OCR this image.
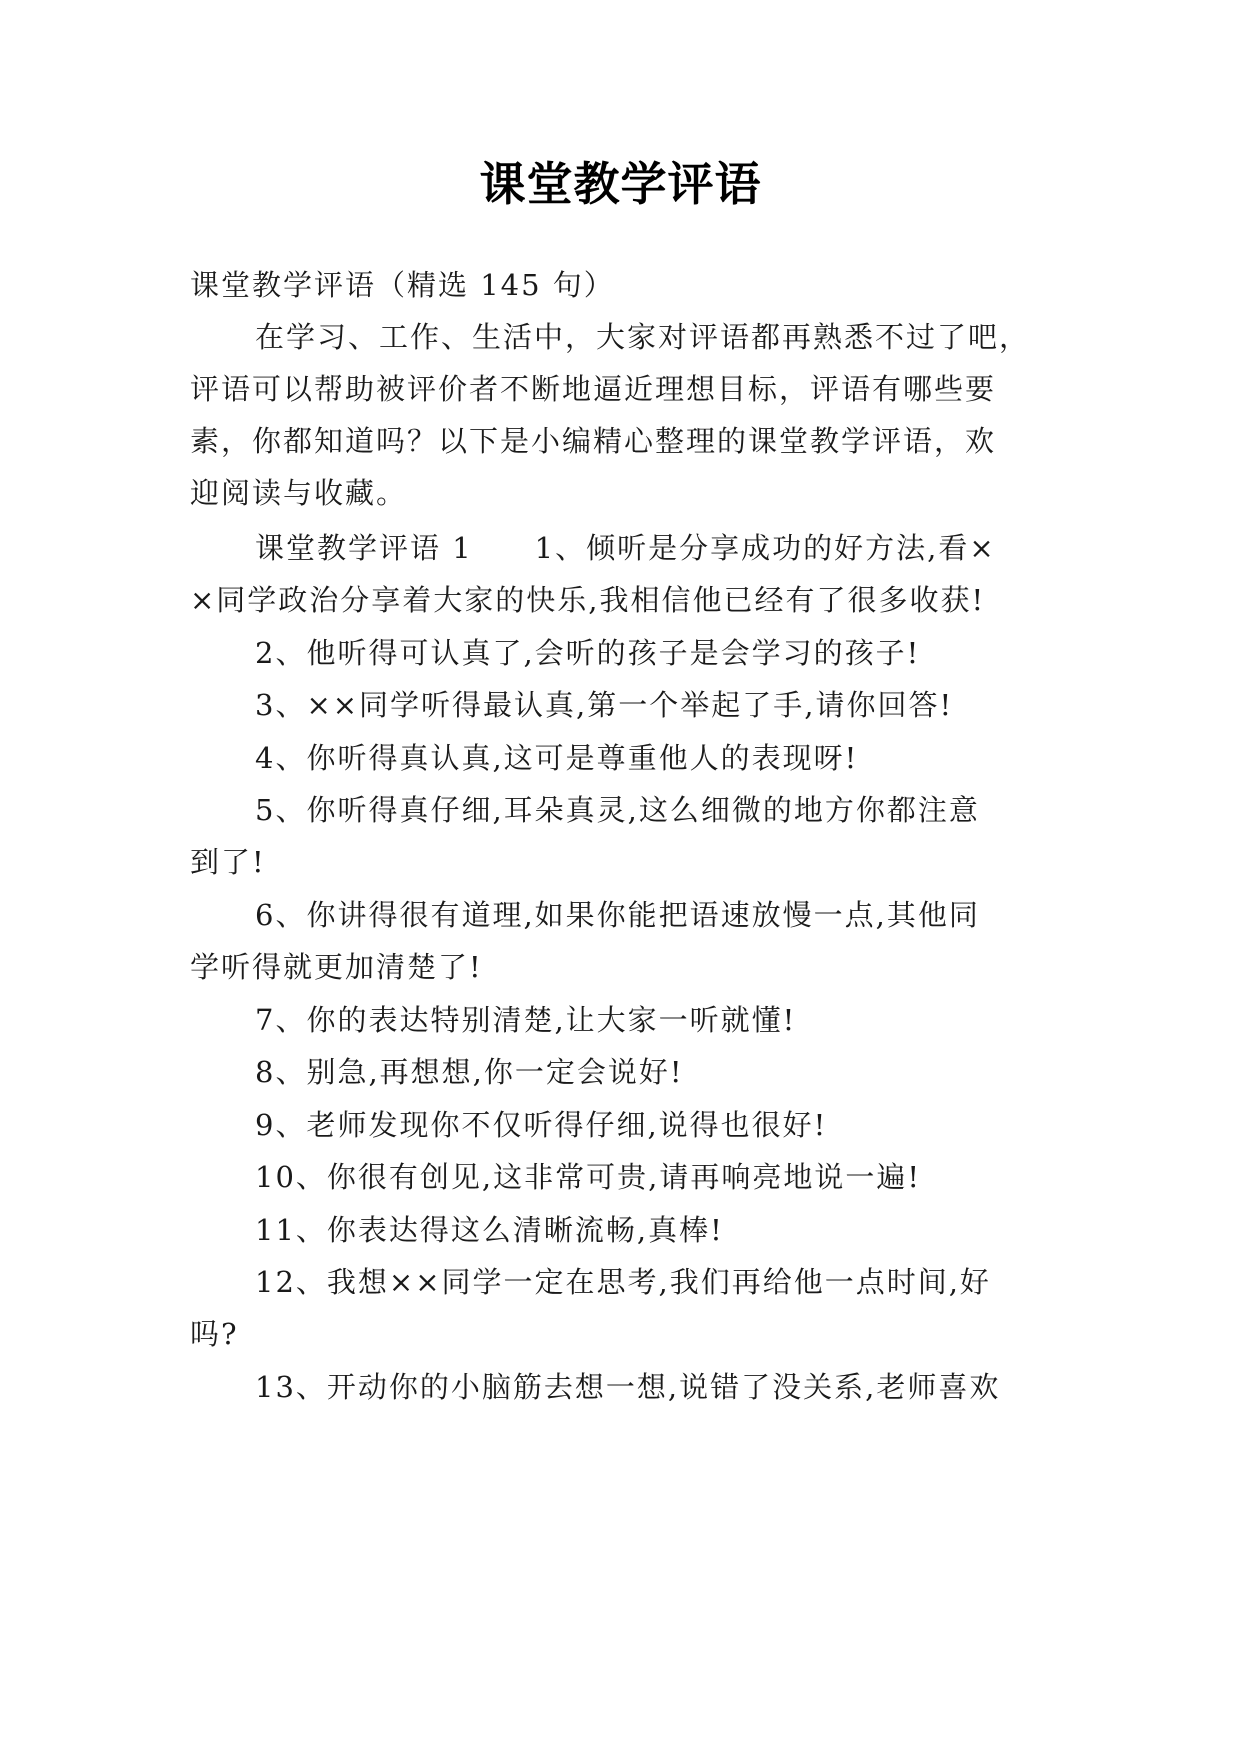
课堂教学评语
课堂教学评语（精选 145 句）
在学习、工作、生活中，大家对评语都再熟悉不过了吧，
评语可以帮助被评价者不断地逼近理想目标，评语有哪些要
素，你都知道吗？以下是小编精心整理的课堂教学评语，欢
迎阅读与收藏。
课堂教学评语 1　　1、倾听是分享成功的好方法,看×
×同学政治分享着大家的快乐,我相信他已经有了很多收获!
2、他听得可认真了,会听的孩子是会学习的孩子!
3、××同学听得最认真,第一个举起了手,请你回答!
4、你听得真认真,这可是尊重他人的表现呀!
5、你听得真仔细,耳朵真灵,这么细微的地方你都注意
到了!
6、你讲得很有道理,如果你能把语速放慢一点,其他同
学听得就更加清楚了!
7、你的表达特别清楚,让大家一听就懂!
8、别急,再想想,你一定会说好!
9、老师发现你不仅听得仔细,说得也很好!
10、你很有创见,这非常可贵,请再响亮地说一遍!
11、你表达得这么清晰流畅,真棒!
12、我想××同学一定在思考,我们再给他一点时间,好
吗?
13、开动你的小脑筋去想一想,说错了没关系,老师喜欢
